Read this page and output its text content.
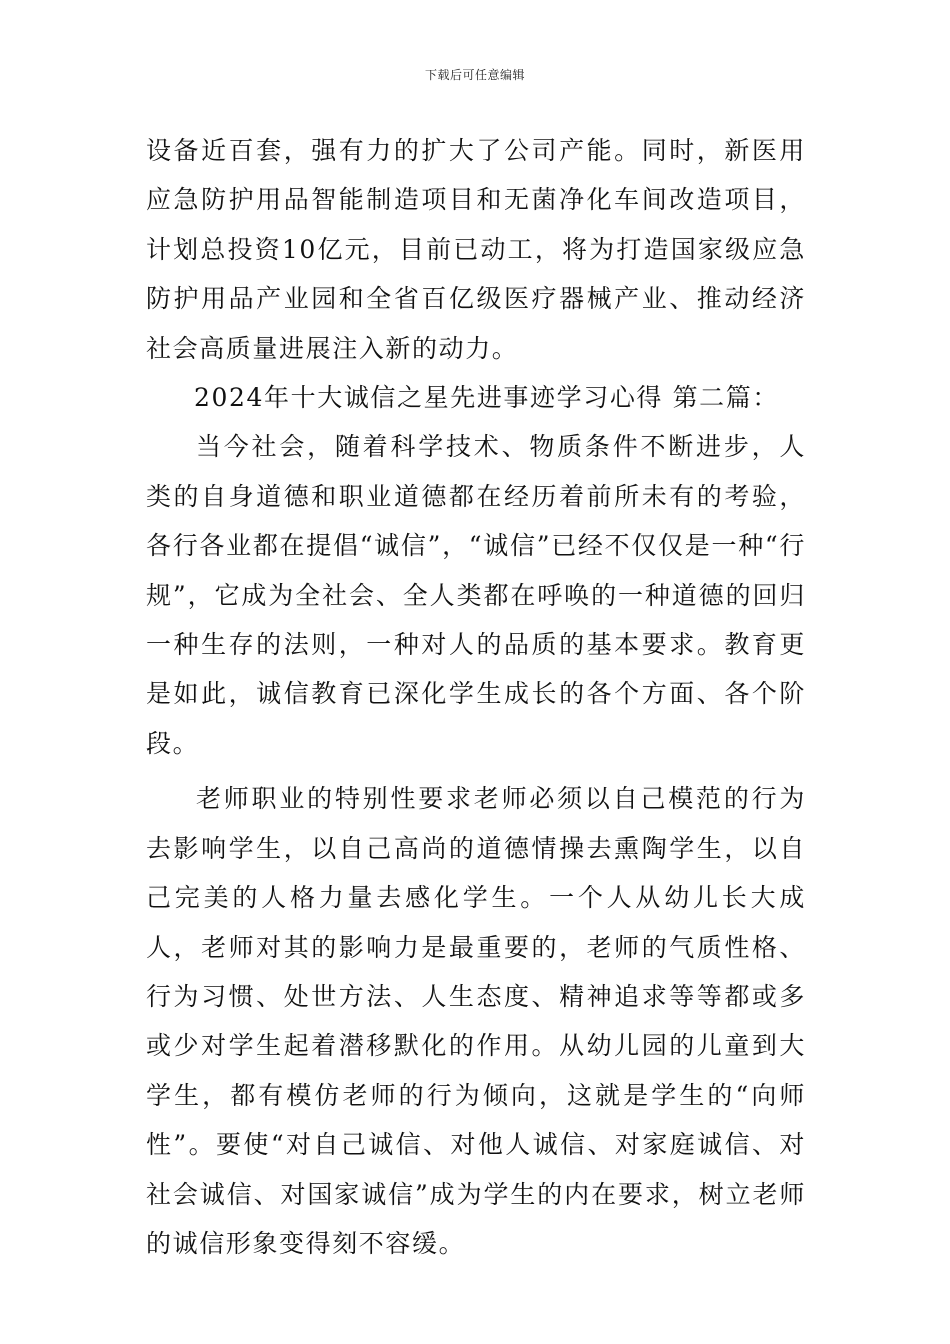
下载后可任意编辑

设备近百套，强有力的扩大了公司产能。同时，新医用应急防护用品智能制造项目和无菌净化车间改造项目，计划总投资10亿元，目前已动工，将为打造国家级应急防护用品产业园和全省百亿级医疗器械产业、推动经济社会高质量进展注入新的动力。

2024年十大诚信之星先进事迹学习心得 第二篇：

当今社会，随着科学技术、物质条件不断进步，人类的自身道德和职业道德都在经历着前所未有的考验，各行各业都在提倡“诚信”，“诚信”已经不仅仅是一种“行规”，它成为全社会、全人类都在呼唤的一种道德的回归一种生存的法则，一种对人的品质的基本要求。教育更是如此，诚信教育已深化学生成长的各个方面、各个阶段。

老师职业的特别性要求老师必须以自己模范的行为去影响学生，以自己高尚的道德情操去熏陶学生，以自己完美的人格力量去感化学生。一个人从幼儿长大成人，老师对其的影响力是最重要的，老师的气质性格、行为习惯、处世方法、人生态度、精神追求等等都或多或少对学生起着潜移默化的作用。从幼儿园的儿童到大学生，都有模仿老师的行为倾向，这就是学生的“向师性”。要使“对自己诚信、对他人诚信、对家庭诚信、对社会诚信、对国家诚信”成为学生的内在要求，树立老师的诚信形象变得刻不容缓。
